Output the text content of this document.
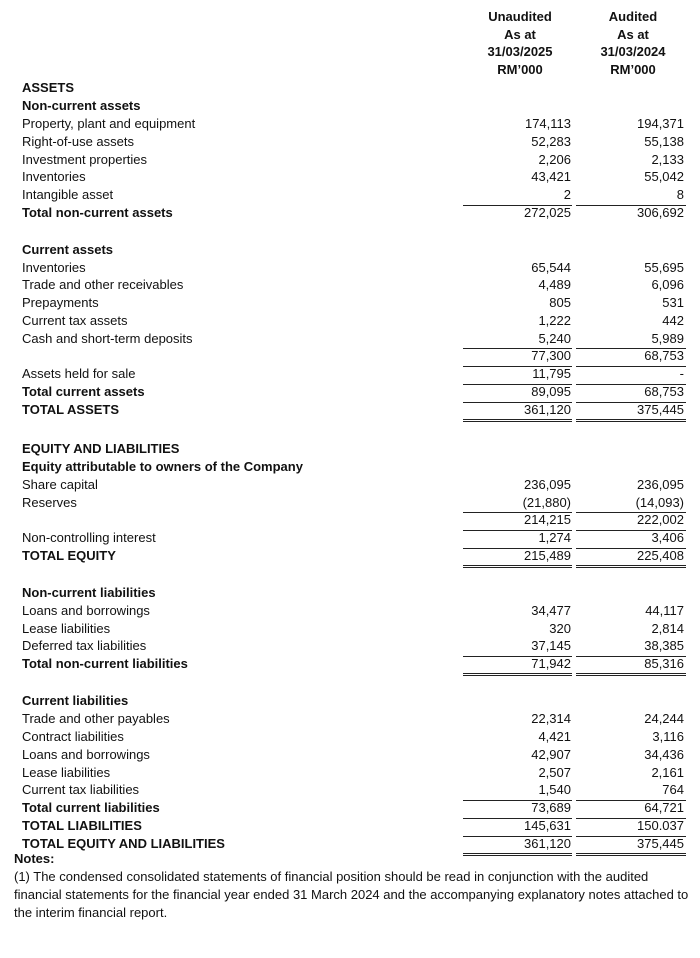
Unaudited
As at
31/03/2025
RM’000
Audited
As at
31/03/2024
RM’000
ASSETS
Non-current assets
Property, plant and equipment	174,113	194,371
Right-of-use assets	52,283	55,138
Investment properties	2,206	2,133
Inventories	43,421	55,042
Intangible asset	2	8
Total non-current assets	272,025	306,692
Current assets
Inventories	65,544	55,695
Trade and other receivables	4,489	6,096
Prepayments	805	531
Current tax assets	1,222	442
Cash and short-term deposits	5,240	5,989
77,300	68,753
Assets held for sale	11,795	-
Total current assets	89,095	68,753
TOTAL ASSETS	361,120	375,445
EQUITY AND LIABILITIES
Equity attributable to owners of the Company
Share capital	236,095	236,095
Reserves	(21,880)	(14,093)
214,215	222,002
Non-controlling interest	1,274	3,406
TOTAL EQUITY	215,489	225,408
Non-current liabilities
Loans and borrowings	34,477	44,117
Lease liabilities	320	2,814
Deferred tax liabilities	37,145	38,385
Total non-current liabilities	71,942	85,316
Current liabilities
Trade and other payables	22,314	24,244
Contract liabilities	4,421	3,116
Loans and borrowings	42,907	34,436
Lease liabilities	2,507	2,161
Current tax liabilities	1,540	764
Total current liabilities	73,689	64,721
TOTAL LIABILITIES	145,631	150.037
TOTAL EQUITY AND LIABILITIES	361,120	375,445
Notes:
(1) The condensed consolidated statements of financial position should be read in conjunction with the audited financial statements for the financial year ended 31 March 2024 and the accompanying explanatory notes attached to the interim financial report.
